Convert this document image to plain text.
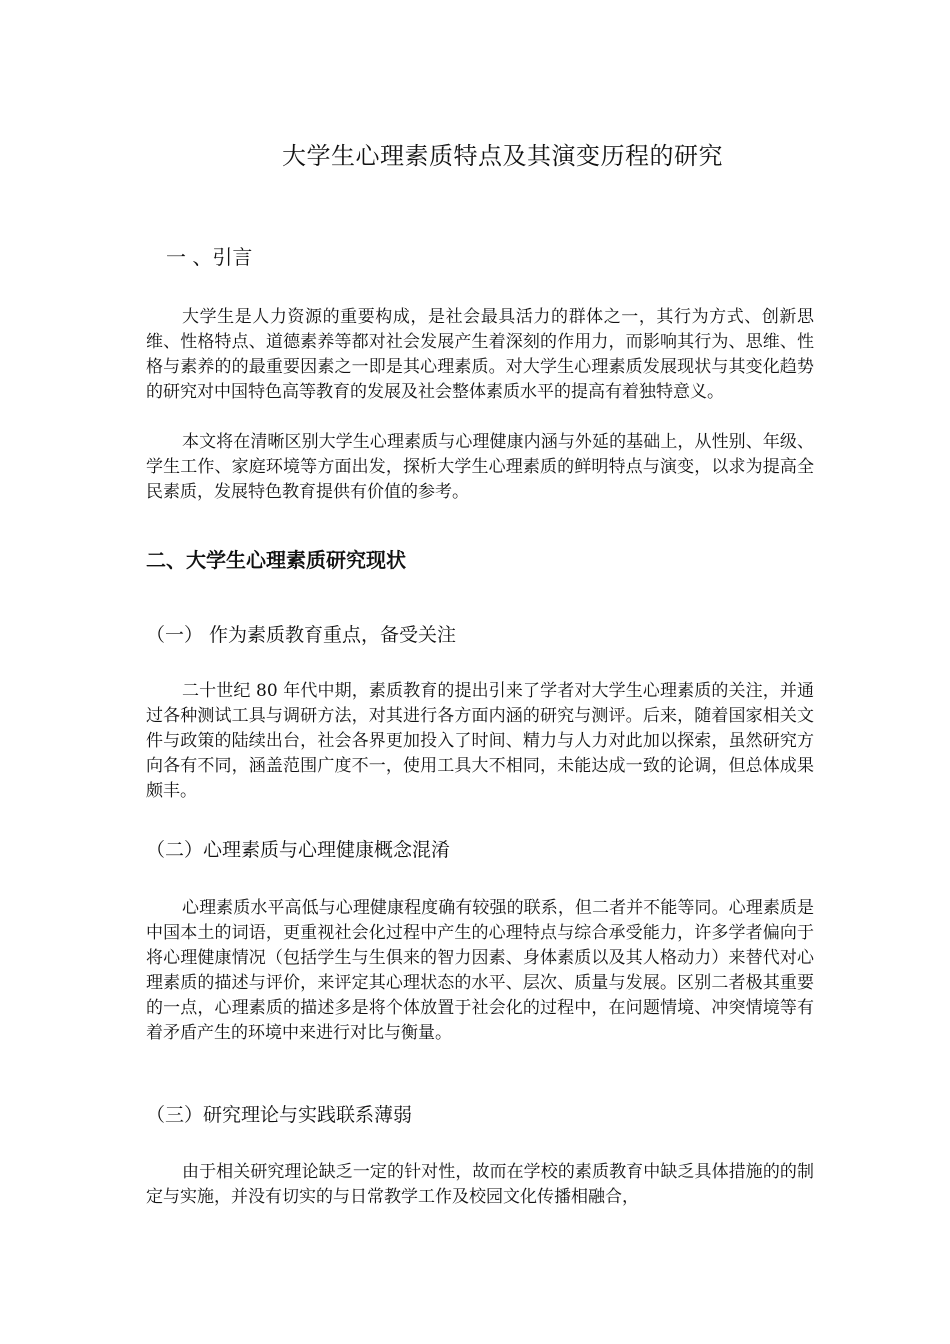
大学生心理素质特点及其演变历程的研究
一 、引言

大学生是人力资源的重要构成，是社会最具活力的群体之一，其行为方式、创新思维、性格特点、道德素养等都对社会发展产生着深刻的作用力，而影响其行为、思维、性格与素养的的最重要因素之一即是其心理素质。对大学生心理素质发展现状与其变化趋势的研究对中国特色高等教育的发展及社会整体素质水平的提高有着独特意义。

本文将在清晰区别大学生心理素质与心理健康内涵与外延的基础上，从性别、年级、学生工作、家庭环境等方面出发，探析大学生心理素质的鲜明特点与演变，以求为提高全民素质，发展特色教育提供有价值的参考。

二、大学生心理素质研究现状
（一） 作为素质教育重点，备受关注

二十世纪 80 年代中期，素质教育的提出引来了学者对大学生心理素质的关注，并通过各种测试工具与调研方法，对其进行各方面内涵的研究与测评。后来，随着国家相关文件与政策的陆续出台，社会各界更加投入了时间、精力与人力对此加以探索，虽然研究方向各有不同，涵盖范围广度不一，使用工具大不相同，未能达成一致的论调，但总体成果颇丰。

（二）心理素质与心理健康概念混淆

心理素质水平高低与心理健康程度确有较强的联系，但二者并不能等同。心理素质是中国本土的词语，更重视社会化过程中产生的心理特点与综合承受能力，许多学者偏向于将心理健康情况（包括学生与生俱来的智力因素、身体素质以及其人格动力）来替代对心理素质的描述与评价，来评定其心理状态的水平、层次、质量与发展。区别二者极其重要的一点，心理素质的描述多是将个体放置于社会化的过程中，在问题情境、冲突情境等有着矛盾产生的环境中来进行对比与衡量。

（三）研究理论与实践联系薄弱

由于相关研究理论缺乏一定的针对性，故而在学校的素质教育中缺乏具体措施的的制定与实施，并没有切实的与日常教学工作及校园文化传播相融合，
